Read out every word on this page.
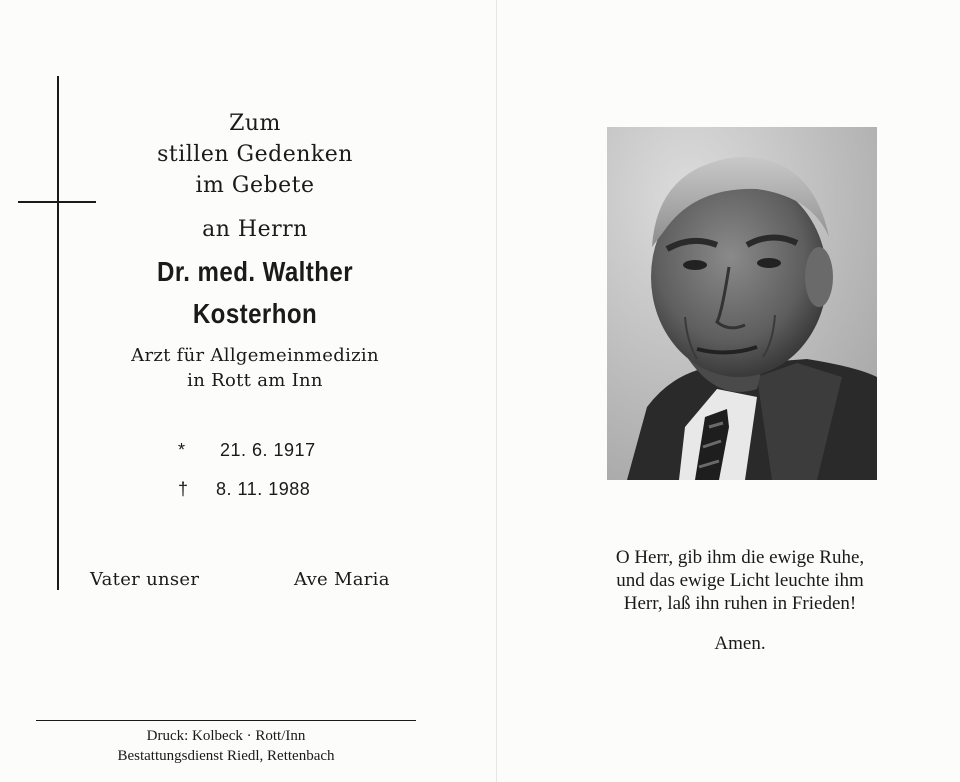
Zum
stillen Gedenken
im Gebete
an Herrn
Dr. med. Walther
Kosterhon
Arzt für Allgemeinmedizin
in Rott am Inn
* 21. 6. 1917
† 8. 11. 1988
Vater unser	Ave Maria
Druck: Kolbeck · Rott/Inn
Bestattungsdienst Riedl, Rettenbach
O Herr, gib ihm die ewige Ruhe,
und das ewige Licht leuchte ihm
Herr, laß ihn ruhen in Frieden!
Amen.
